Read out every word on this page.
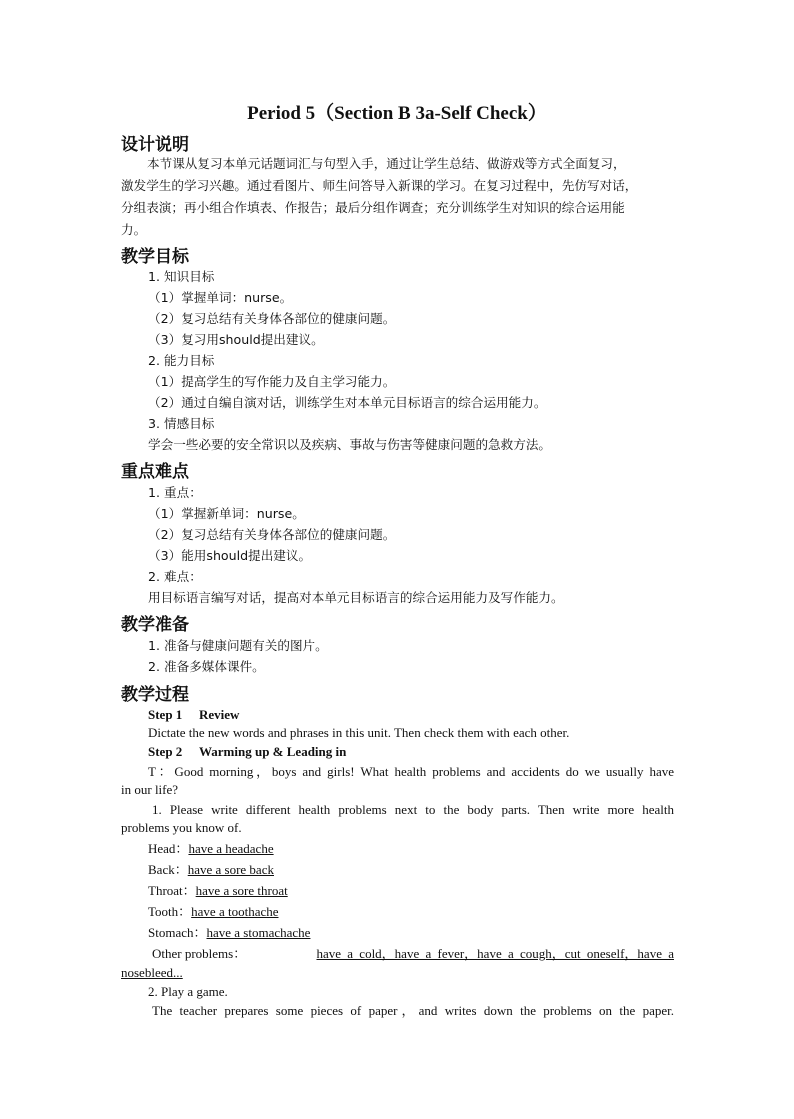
Period 5（Section B 3a-Self Check）
设计说明
本节课从复习本单元话题词汇与句型入手，通过让学生总结、做游戏等方式全面复习，
激发学生的学习兴趣。通过看图片、师生问答导入新课的学习。在复习过程中，先仿写对话，
分组表演；再小组合作填表、作报告；最后分组作调查；充分训练学生对知识的综合运用能
力。
教学目标
1. 知识目标
（1）掌握单词：nurse。
（2）复习总结有关身体各部位的健康问题。
（3）复习用should提出建议。
2. 能力目标
（1）提高学生的写作能力及自主学习能力。
（2）通过自编自演对话，训练学生对本单元目标语言的综合运用能力。
3. 情感目标
学会一些必要的安全常识以及疾病、事故与伤害等健康问题的急救方法。
重点难点
1. 重点：
（1）掌握新单词：nurse。
（2）复习总结有关身体各部位的健康问题。
（3）能用should提出建议。
2. 难点：
用目标语言编写对话，提高对本单元目标语言的综合运用能力及写作能力。
教学准备
1. 准备与健康问题有关的图片。
2. 准备多媒体课件。
教学过程
Step 1 Review
Dictate the new words and phrases in this unit. Then check them with each other.
Step 2 Warming up & Leading in
T：Good morning，boys and girls! What health problems and accidents do we usually have
in our life?
1. Please write different health problems next to the body parts. Then write more health
problems you know of.
Head：have a headache
Back：have a sore back
Throat：have a sore throat
Tooth：have a toothache
Stomach：have a stomachache
Other problems：	have a cold，have a fever，have a cough，cut oneself，have a
nosebleed...
2. Play a game.
The teacher prepares some pieces of paper，and writes down the problems on the paper.
